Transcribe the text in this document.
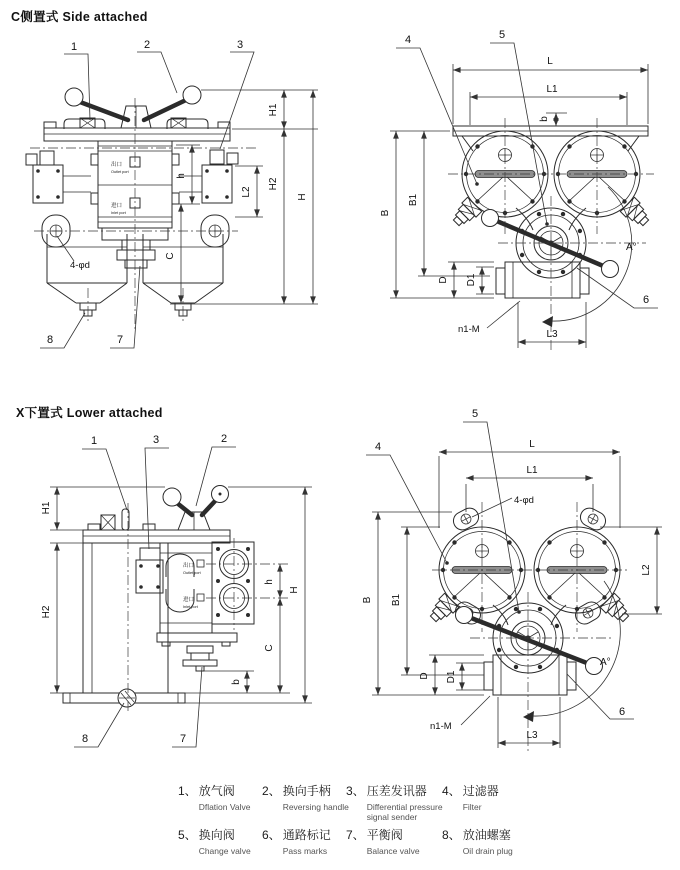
C侧置式 Side attached
X下置式 Lower attached
出口
Outlet port
进口
Inlet port
H1
H2
H
h
C
L2
4-φd
1	2	3
7
8
L
L1
b
B
B1
D D1
L3
n1-M
A°
4	5
6
出口
Outlet port
进口
Inlet port
H1
H2
H
h
C
b
1	3	2
8	7
L
L1
4-φd
L2
B B1
D D1
L3
n1-M
A°
4
5
6
1、 放气阀
Dflation Valve
2、 换向手柄
Reversing handle
3、 压差发讯器
Differential pressure signal sender
4、 过滤器
Filter
5、 换向阀
Change valve
6、 通路标记
Pass marks
7、 平衡阀
Balance valve
8、 放油螺塞
Oil drain plug
